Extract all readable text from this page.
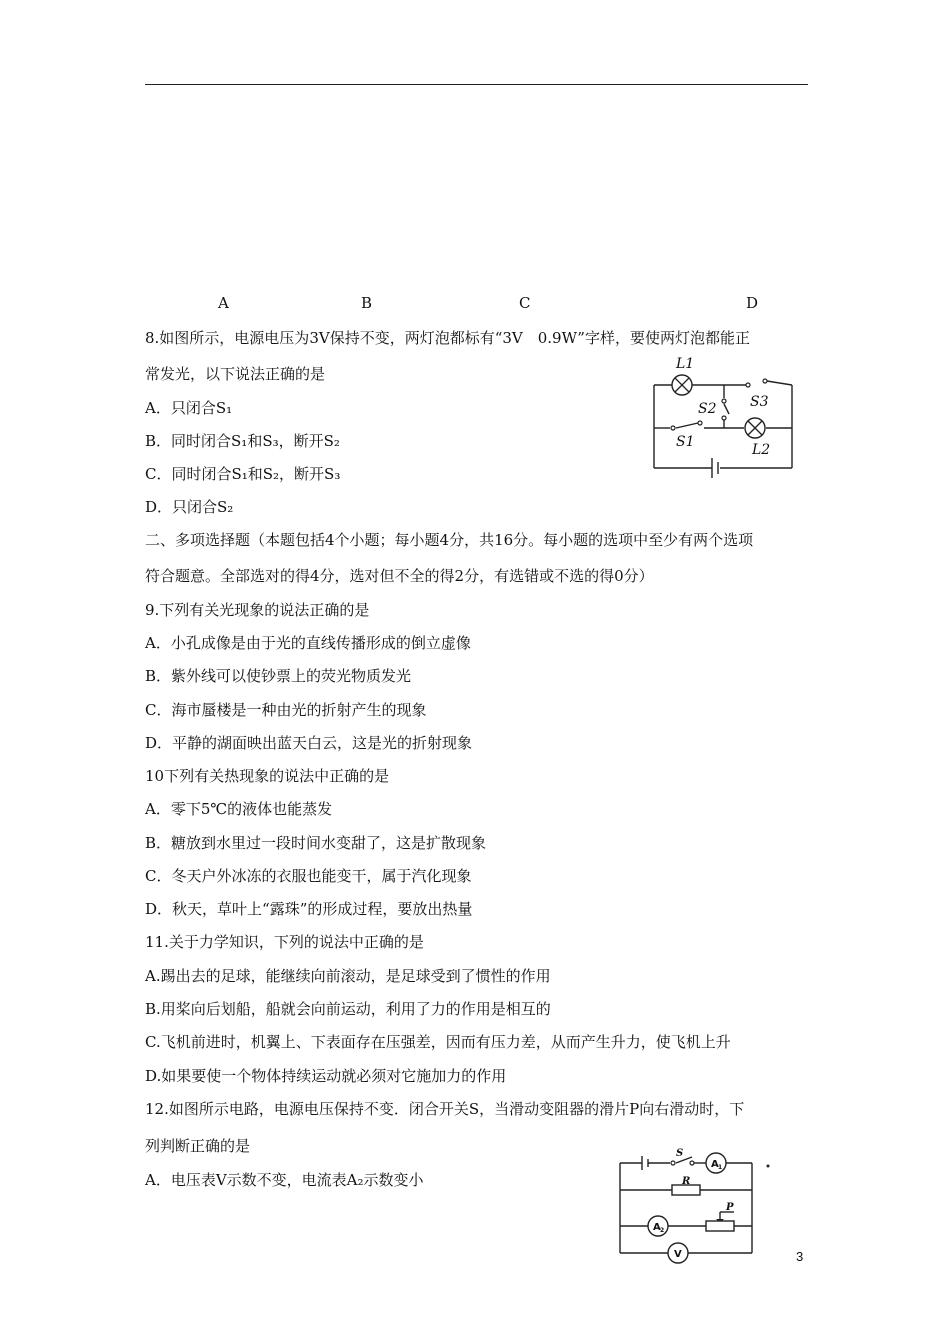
A	B	C	D
8.如图所示，电源电压为3V保持不变，两灯泡都标有“3V　0.9W”字样，要使两灯泡都能正
常发光，以下说法正确的是
A．只闭合S₁
B．同时闭合S₁和S₃，断开S₂
C．同时闭合S₁和S₂，断开S₃
D．只闭合S₂
L1
L2
S3
S2
S1
二、多项选择题（本题包括4个小题；每小题4分，共16分。每小题的选项中至少有两个选项
符合题意。全部选对的得4分，选对但不全的得2分，有选错或不选的得0分）
9.下列有关光现象的说法正确的是
A．小孔成像是由于光的直线传播形成的倒立虚像
B．紫外线可以使钞票上的荧光物质发光
C．海市蜃楼是一种由光的折射产生的现象
D．平静的湖面映出蓝天白云，这是光的折射现象
10下列有关热现象的说法中正确的是
A．零下5℃的液体也能蒸发
B．糖放到水里过一段时间水变甜了，这是扩散现象
C．冬天户外冰冻的衣服也能变干，属于汽化现象
D．秋天，草叶上“露珠”的形成过程，要放出热量
11.关于力学知识，下列的说法中正确的是
A.踢出去的足球，能继续向前滚动，是足球受到了惯性的作用
B.用桨向后划船，船就会向前运动，利用了力的作用是相互的
C.飞机前进时，机翼上、下表面存在压强差，因而有压力差，从而产生升力，使飞机上升
D.如果要使一个物体持续运动就必须对它施加力的作用
12.如图所示电路，电源电压保持不变．闭合开关S，当滑动变阻器的滑片P向右滑动时，下
列判断正确的是
A．电压表V示数不变，电流表A₂示数变小
S
R
P
A 1
A 2
V	3
